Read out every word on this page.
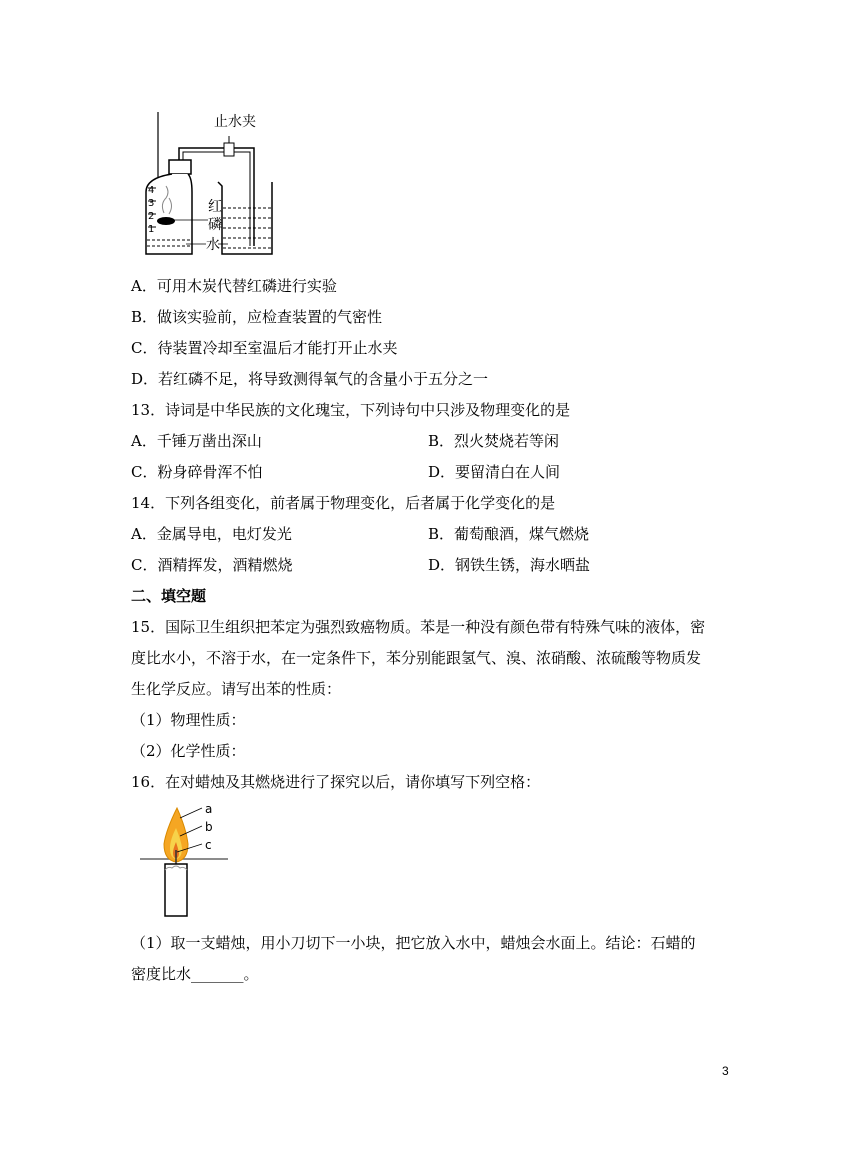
止水夹
红
磷
水
4
3
2
1
A．可用木炭代替红磷进行实验
B．做该实验前，应检查装置的气密性
C．待装置冷却至室温后才能打开止水夹
D．若红磷不足，将导致测得氧气的含量小于五分之一
13．诗词是中华民族的文化瑰宝，下列诗句中只涉及物理变化的是
A．千锤万凿出深山	B．烈火焚烧若等闲
C．粉身碎骨浑不怕	D．要留清白在人间
14．下列各组变化，前者属于物理变化，后者属于化学变化的是
A．金属导电，电灯发光	B．葡萄酿酒，煤气燃烧
C．酒精挥发，酒精燃烧	D．钢铁生锈，海水晒盐
二、填空题
15．国际卫生组织把苯定为强烈致癌物质。苯是一种没有颜色带有特殊气味的液体，密
度比水小，不溶于水，在一定条件下，苯分别能跟氢气、溴、浓硝酸、浓硫酸等物质发
生化学反应。请写出苯的性质：
（1）物理性质：
（2）化学性质：
16．在对蜡烛及其燃烧进行了探究以后，请你填写下列空格：
a
b
c
（1）取一支蜡烛，用小刀切下一小块，把它放入水中，蜡烛会水面上。结论：石蜡的
密度比水_______。
3
